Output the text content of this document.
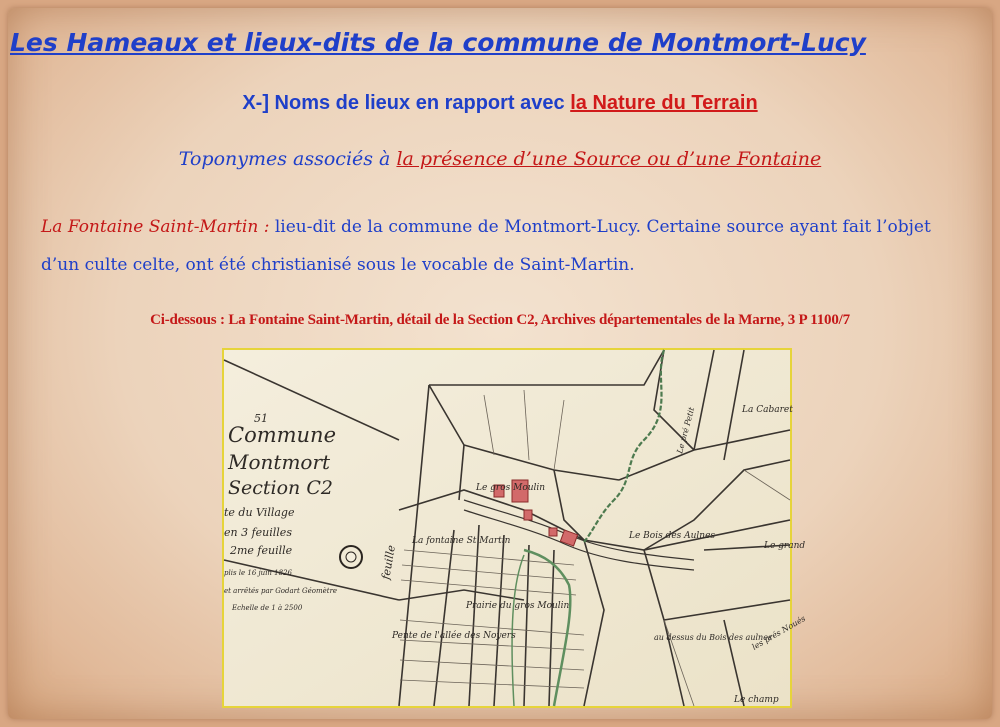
Les Hameaux et lieux-dits de la commune de Montmort-Lucy
X-] Noms de lieux en rapport avec la Nature du Terrain
Toponymes associés à la présence d’une Source ou d’une Fontaine
La Fontaine Saint-Martin : lieu-dit de la commune de Montmort-Lucy. Certaine source ayant fait l’objet d’un culte celte, ont été christianisé sous le vocable de Saint-Martin.
Ci-dessous : La Fontaine Saint-Martin, détail de la Section C2, Archives départementales de la Marne, 3 P 1100/7
51
Commune
Montmort
Section C2
te du Village
en 3 feuilles
2me feuille
plis le 16 juin 1826
et arrêtés par Godart Géomètre
Echelle de 1 à 2500
feuille
Le gros Moulin
La fontaine St Martin	Le Bois des Aulnes
Le pré Petit	La Cabaret
Le grand
Prairie du gros Moulin
Pente de l'allée des Noyers	au dessus du Bois des aulnes
les prés Noués
Le champ
